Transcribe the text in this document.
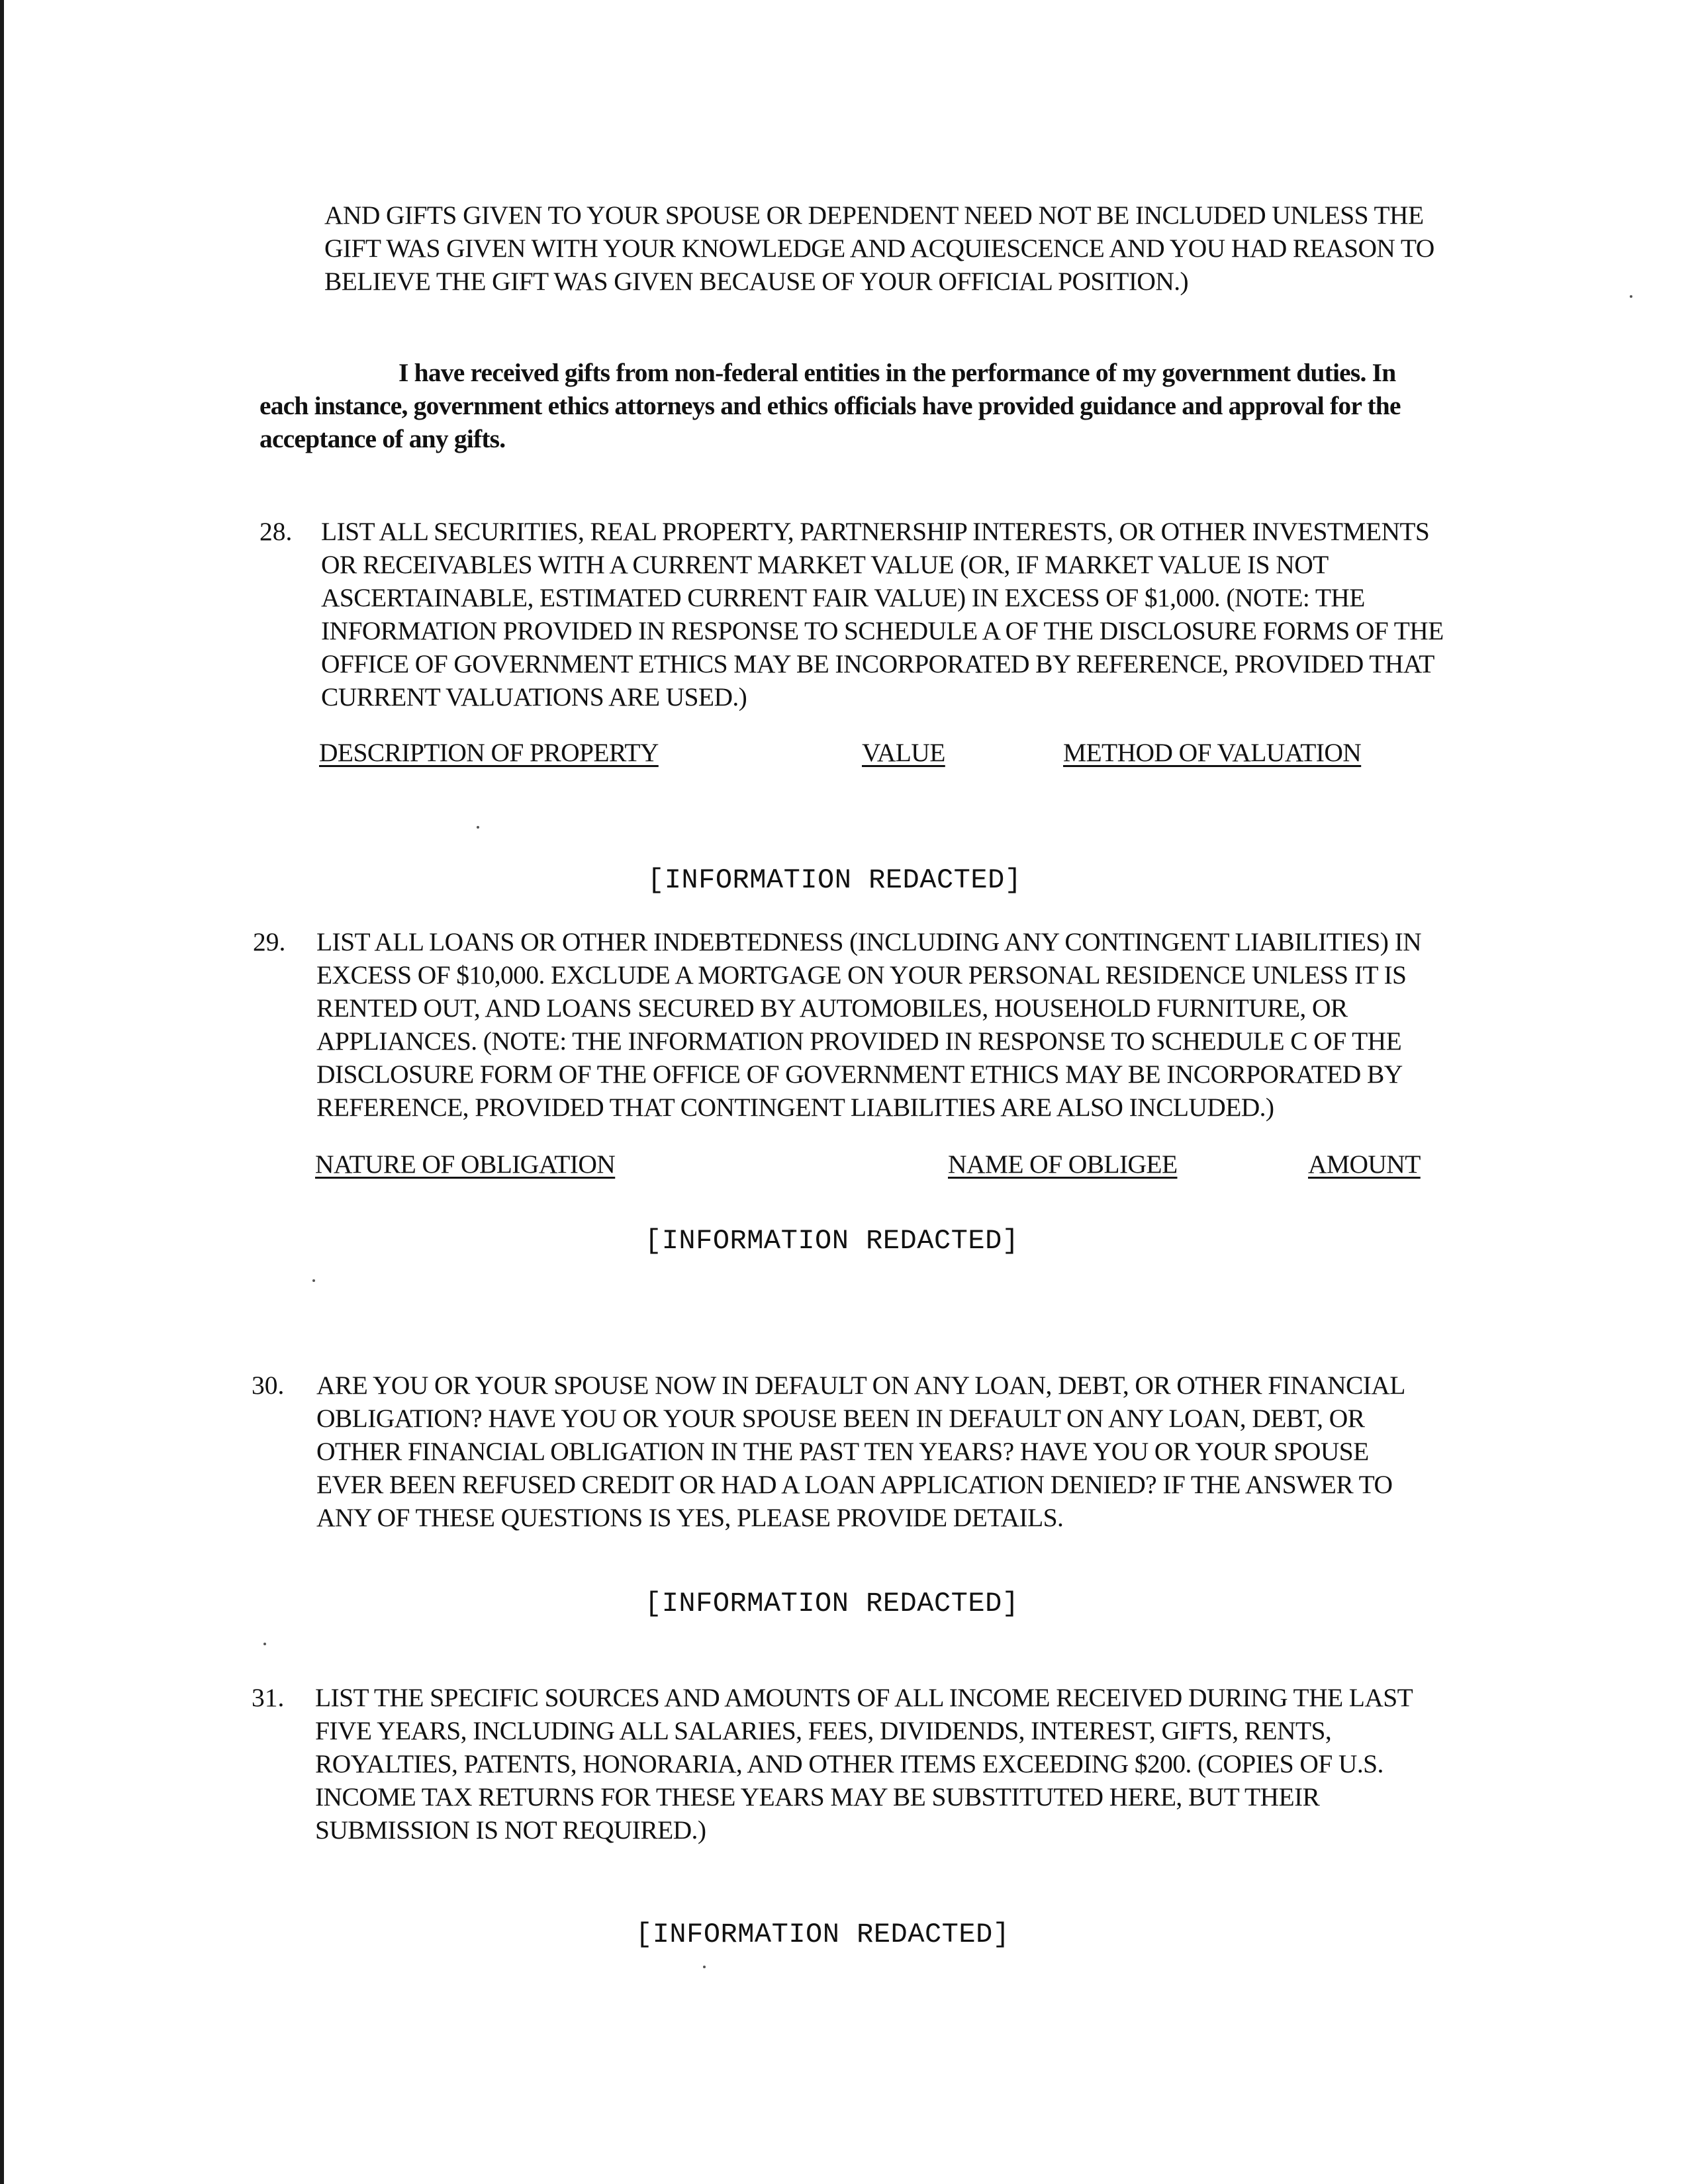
AND GIFTS GIVEN TO YOUR SPOUSE OR DEPENDENT NEED NOT BE INCLUDED UNLESS THE
GIFT WAS GIVEN WITH YOUR KNOWLEDGE AND ACQUIESCENCE AND YOU HAD REASON TO
BELIEVE THE GIFT WAS GIVEN BECAUSE OF YOUR OFFICIAL POSITION.)
I have received gifts from non-federal entities in the performance of my government duties. In
each instance, government ethics attorneys and ethics officials have provided guidance and approval for the
acceptance of any gifts.
28. LIST ALL SECURITIES, REAL PROPERTY, PARTNERSHIP INTERESTS, OR OTHER INVESTMENTS
OR RECEIVABLES WITH A CURRENT MARKET VALUE (OR, IF MARKET VALUE IS NOT
ASCERTAINABLE, ESTIMATED CURRENT FAIR VALUE) IN EXCESS OF $1,000. (NOTE: THE
INFORMATION PROVIDED IN RESPONSE TO SCHEDULE A OF THE DISCLOSURE FORMS OF THE
OFFICE OF GOVERNMENT ETHICS MAY BE INCORPORATED BY REFERENCE, PROVIDED THAT
CURRENT VALUATIONS ARE USED.)
DESCRIPTION OF PROPERTY	VALUE	METHOD OF VALUATION
[INFORMATION REDACTED]
29. LIST ALL LOANS OR OTHER INDEBTEDNESS (INCLUDING ANY CONTINGENT LIABILITIES) IN
EXCESS OF $10,000. EXCLUDE A MORTGAGE ON YOUR PERSONAL RESIDENCE UNLESS IT IS
RENTED OUT, AND LOANS SECURED BY AUTOMOBILES, HOUSEHOLD FURNITURE, OR
APPLIANCES. (NOTE: THE INFORMATION PROVIDED IN RESPONSE TO SCHEDULE C OF THE
DISCLOSURE FORM OF THE OFFICE OF GOVERNMENT ETHICS MAY BE INCORPORATED BY
REFERENCE, PROVIDED THAT CONTINGENT LIABILITIES ARE ALSO INCLUDED.)
NATURE OF OBLIGATION	NAME OF OBLIGEE	AMOUNT
[INFORMATION REDACTED]
30. ARE YOU OR YOUR SPOUSE NOW IN DEFAULT ON ANY LOAN, DEBT, OR OTHER FINANCIAL
OBLIGATION? HAVE YOU OR YOUR SPOUSE BEEN IN DEFAULT ON ANY LOAN, DEBT, OR
OTHER FINANCIAL OBLIGATION IN THE PAST TEN YEARS? HAVE YOU OR YOUR SPOUSE
EVER BEEN REFUSED CREDIT OR HAD A LOAN APPLICATION DENIED? IF THE ANSWER TO
ANY OF THESE QUESTIONS IS YES, PLEASE PROVIDE DETAILS.
[INFORMATION REDACTED]
31. LIST THE SPECIFIC SOURCES AND AMOUNTS OF ALL INCOME RECEIVED DURING THE LAST
FIVE YEARS, INCLUDING ALL SALARIES, FEES, DIVIDENDS, INTEREST, GIFTS, RENTS,
ROYALTIES, PATENTS, HONORARIA, AND OTHER ITEMS EXCEEDING $200. (COPIES OF U.S.
INCOME TAX RETURNS FOR THESE YEARS MAY BE SUBSTITUTED HERE, BUT THEIR
SUBMISSION IS NOT REQUIRED.)
[INFORMATION REDACTED]
